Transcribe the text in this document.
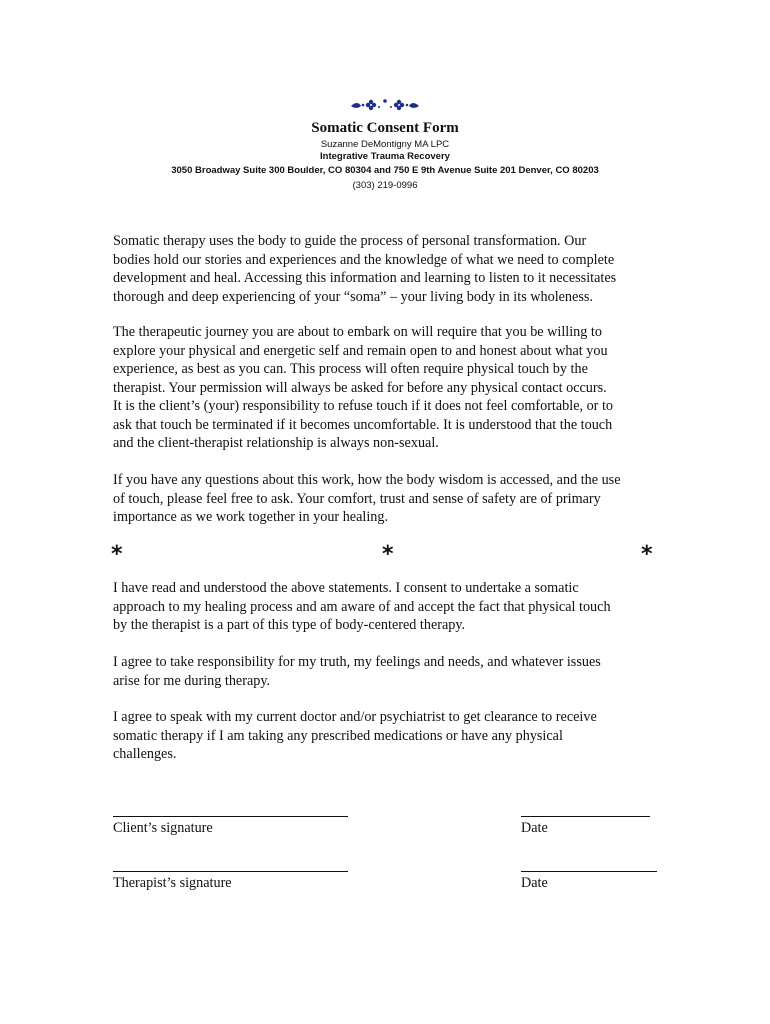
Somatic Consent Form
Suzanne DeMontigny MA LPC
Integrative Trauma Recovery
3050 Broadway Suite 300 Boulder, CO 80304 and 750 E 9th Avenue Suite 201 Denver, CO 80203
(303) 219-0996

Somatic therapy uses the body to guide the process of personal transformation. Our
bodies hold our stories and experiences and the knowledge of what we need to complete
development and heal. Accessing this information and learning to listen to it necessitates
thorough and deep experiencing of your “soma” – your living body in its wholeness.

The therapeutic journey you are about to embark on will require that you be willing to
explore your physical and energetic self and remain open to and honest about what you
experience, as best as you can. This process will often require physical touch by the
therapist. Your permission will always be asked for before any physical contact occurs.
It is the client’s (your) responsibility to refuse touch if it does not feel comfortable, or to
ask that touch be terminated if it becomes uncomfortable. It is understood that the touch
and the client-therapist relationship is always non-sexual.

If you have any questions about this work, how the body wisdom is accessed, and the use
of touch, please feel free to ask. Your comfort, trust and sense of safety are of primary
importance as we work together in your healing.

*	*	*

I have read and understood the above statements. I consent to undertake a somatic
approach to my healing process and am aware of and accept the fact that physical touch
by the therapist is a part of this type of body-centered therapy.

I agree to take responsibility for my truth, my feelings and needs, and whatever issues
arise for me during therapy.

I agree to speak with my current doctor and/or psychiatrist to get clearance to receive
somatic therapy if I am taking any prescribed medications or have any physical
challenges.

Client’s signature	Date
Therapist’s signature	Date
